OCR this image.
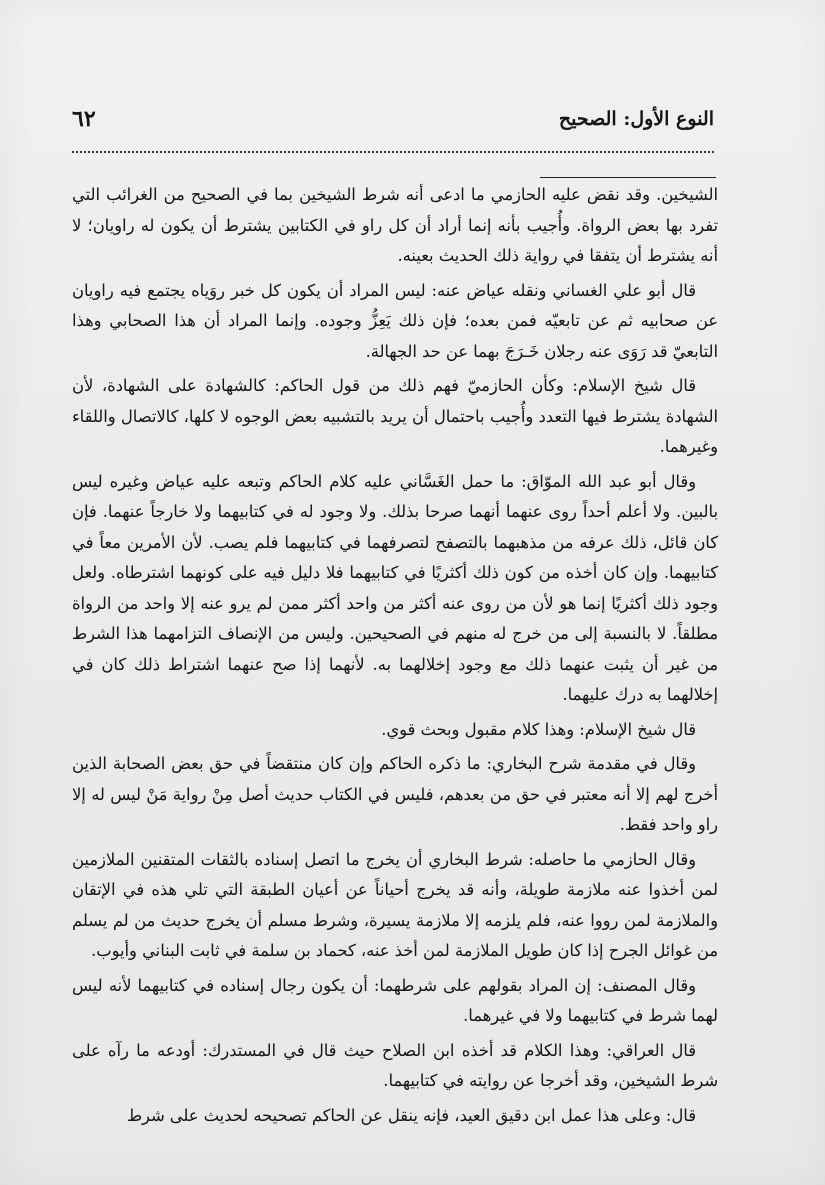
٦٢	النوع الأول: الصحيح

الشيخين. وقد نقض عليه الحازمي ما ادعى أنه شرط الشيخين بما في الصحيح من الغرائب التي تفرد بها بعض الرواة. وأُجيب بأنه إنما أراد أن كل راو في الكتابين يشترط أن يكون له راويان؛ لا أنه يشترط أن يتفقا في رواية ذلك الحديث بعينه.

قال أبو علي الغساني ونقله عياض عنه: ليس المراد أن يكون كل خبر روَياه يجتمع فيه راويان عن صحابيه ثم عن تابعيّه فمن بعده؛ فإن ذلك يَعِزُّ وجوده. وإنما المراد أن هذا الصحابي وهذا التابعيّ قد رَوَى عنه رجلان خَـرَجَ بهما عن حد الجهالة.

قال شيخ الإسلام: وكأن الحازميّ فهم ذلك من قول الحاكم: كالشهادة على الشهادة، لأن الشهادة يشترط فيها التعدد وأُجيب باحتمال أن يريد بالتشبيه بعض الوجوه لا كلها، كالاتصال واللقاء وغيرهما.

وقال أبو عبد الله الموّاق: ما حمل الغَسَّاني عليه كلام الحاكم وتبعه عليه عياض وغيره ليس بالبين. ولا أعلم أحداً روى عنهما أنهما صرحا بذلك. ولا وجود له في كتابيهما ولا خارجاً عنهما. فإن كان قائل، ذلك عرفه من مذهبهما بالتصفح لتصرفهما في كتابيهما فلم يصب. لأن الأمرين معاً في كتابيهما. وإن كان أخذه من كون ذلك أكثريًا في كتابيهما فلا دليل فيه على كونهما اشترطاه. ولعل وجود ذلك أكثريًا إنما هو لأن من روى عنه أكثر من واحد أكثر ممن لم يرو عنه إلا واحد من الرواة مطلقاً. لا بالنسبة إلى من خرج له منهم في الصحيحين. وليس من الإنصاف التزامهما هذا الشرط من غير أن يثبت عنهما ذلك مع وجود إخلالهما به. لأنهما إذا صح عنهما اشتراط ذلك كان في إخلالهما به درك عليهما.

قال شيخ الإسلام: وهذا كلام مقبول وبحث قوي.

وقال في مقدمة شرح البخاري: ما ذكره الحاكم وإن كان منتقضاً في حق بعض الصحابة الذين أخرج لهم إلا أنه معتبر في حق من بعدهم، فليس في الكتاب حديث أصل مِنْ رواية مَنْ ليس له إلا راو واحد فقط.

وقال الحازمي ما حاصله: شرط البخاري أن يخرج ما اتصل إسناده بالثقات المتقنين الملازمين لمن أخذوا عنه ملازمة طويلة، وأنه قد يخرج أحياناً عن أعيان الطبقة التي تلي هذه في الإتقان والملازمة لمن رووا عنه، فلم يلزمه إلا ملازمة يسيرة، وشرط مسلم أن يخرج حديث من لم يسلم من غوائل الجرح إذا كان طويل الملازمة لمن أخذ عنه، كحماد بن سلمة في ثابت البناني وأيوب.

وقال المصنف: إن المراد بقولهم على شرطهما: أن يكون رجال إسناده في كتابيهما لأنه ليس لهما شرط في كتابيهما ولا في غيرهما.

قال العراقي: وهذا الكلام قد أخذه ابن الصلاح حيث قال في المستدرك: أودعه ما رآه على شرط الشيخين، وقد أخرجا عن روايته في كتابيهما.

قال: وعلى هذا عمل ابن دقيق العيد، فإنه ينقل عن الحاكم تصحيحه لحديث على شرط
